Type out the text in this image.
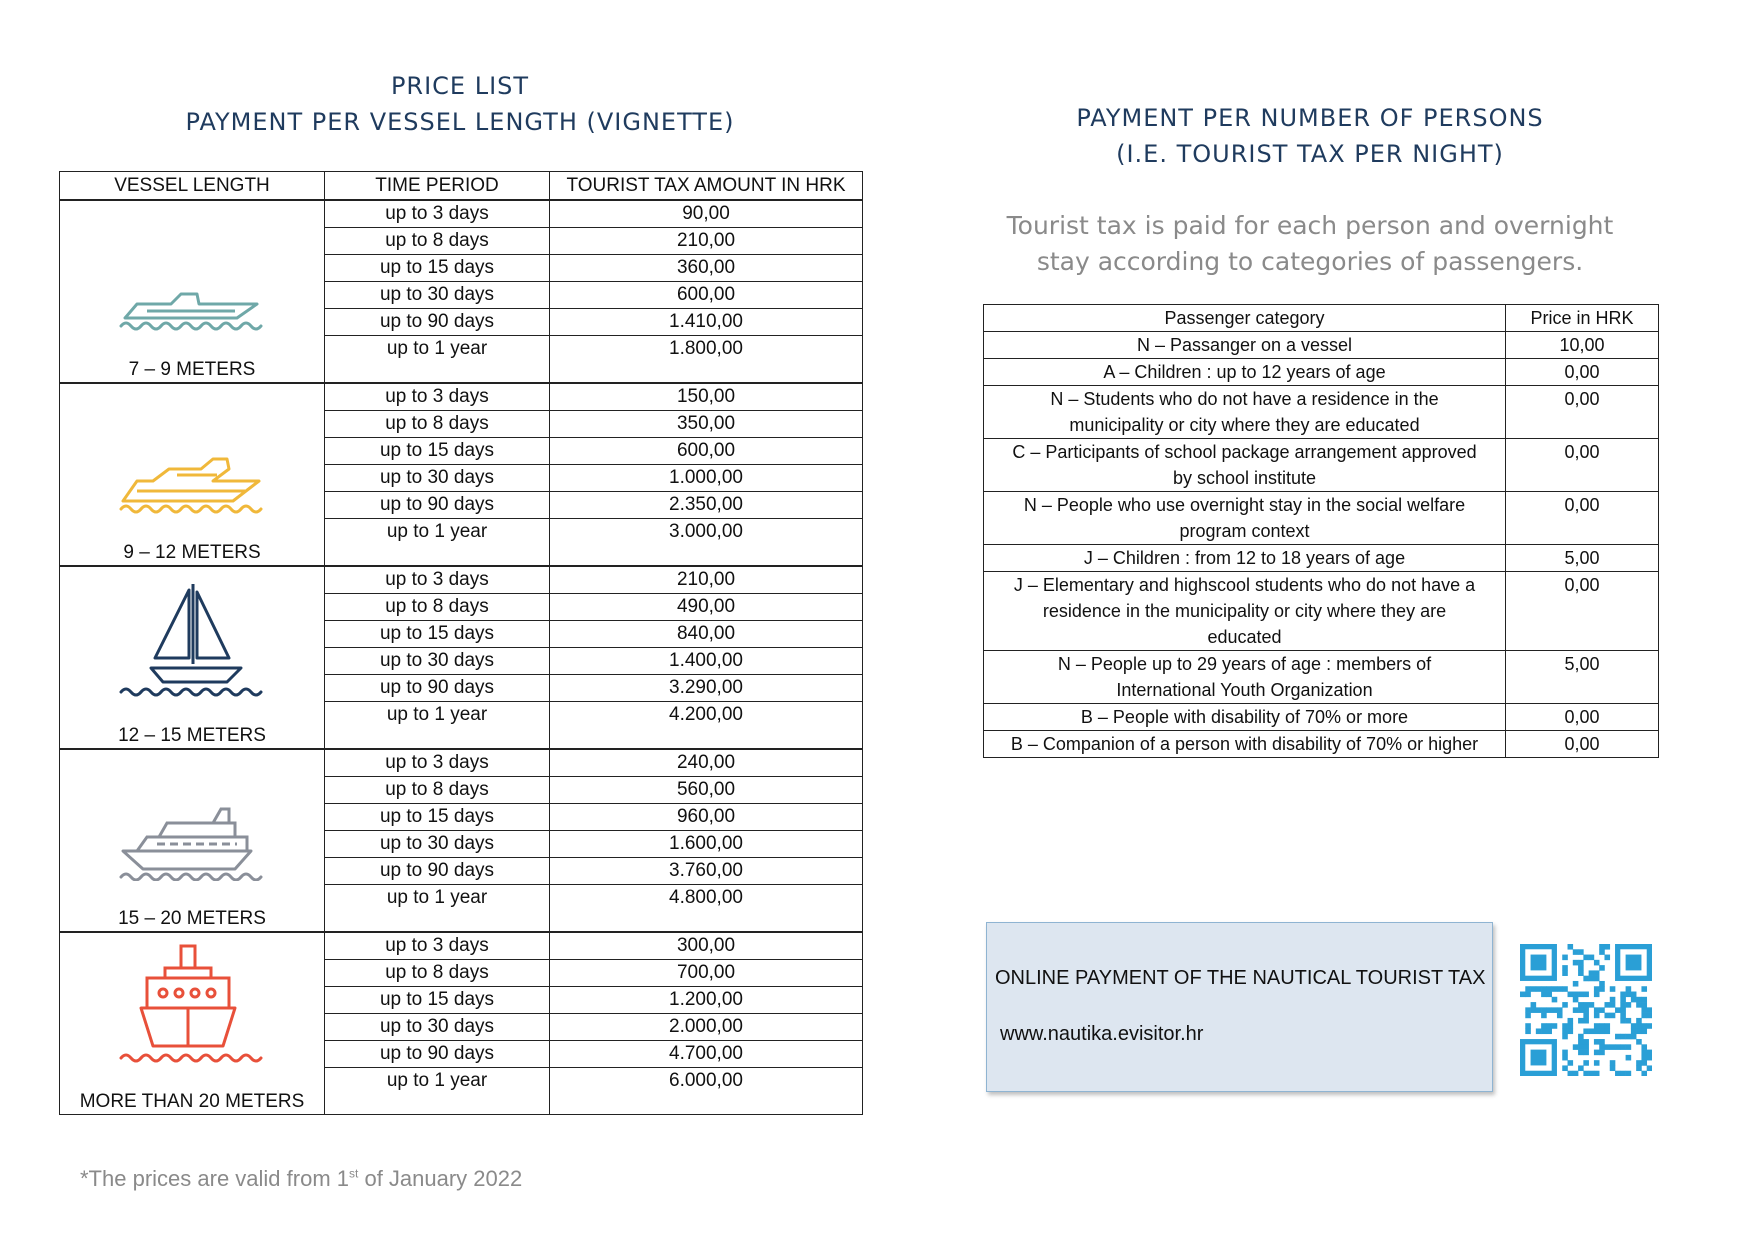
PRICE LIST
PAYMENT PER VESSEL LENGTH (VIGNETTE)
VESSEL LENGTH	TIME PERIOD	TOURIST TAX AMOUNT IN HRK

7 – 9 METERS	up to 3 days	90,00
	up to 8 days	210,00
	up to 15 days	360,00
	up to 30 days	600,00
	up to 90 days	1.410,00
	up to 1 year	1.800,00

9 – 12 METERS	up to 3 days	150,00
	up to 8 days	350,00
	up to 15 days	600,00
	up to 30 days	1.000,00
	up to 90 days	2.350,00
	up to 1 year	3.000,00

12 – 15 METERS	up to 3 days	210,00
	up to 8 days	490,00
	up to 15 days	840,00
	up to 30 days	1.400,00
	up to 90 days	3.290,00
	up to 1 year	4.200,00

15 – 20 METERS	up to 3 days	240,00
	up to 8 days	560,00
	up to 15 days	960,00
	up to 30 days	1.600,00
	up to 90 days	3.760,00
	up to 1 year	4.800,00

MORE THAN 20 METERS	up to 3 days	300,00
	up to 8 days	700,00
	up to 15 days	1.200,00
	up to 30 days	2.000,00
	up to 90 days	4.700,00
	up to 1 year	6.000,00
PAYMENT PER NUMBER OF PERSONS
(I.E. TOURIST TAX PER NIGHT)
Tourist tax is paid for each person and overnight
stay according to categories of passengers.
Passenger category	Price in HRK

N – Passanger on a vessel	10,00

A – Children : up to 12 years of age	0,00

N – Students who do not have a residence in the
municipality or city where they are educated	0,00

C – Participants of school package arrangement approved
by school institute	0,00

N – People who use overnight stay in the social welfare
program context	0,00

J – Children : from 12 to 18 years of age	5,00

J – Elementary and highscool students who do not have a
residence in the municipality or city where they are
educated	0,00

N – People up to 29 years of age : members of
International Youth Organization	5,00

B – People with disability of 70% or more	0,00

B – Companion of a person with disability of 70% or higher	0,00
ONLINE PAYMENT OF THE NAUTICAL TOURIST TAX
www.nautika.evisitor.hr
*The prices are valid from 1st of January 2022
